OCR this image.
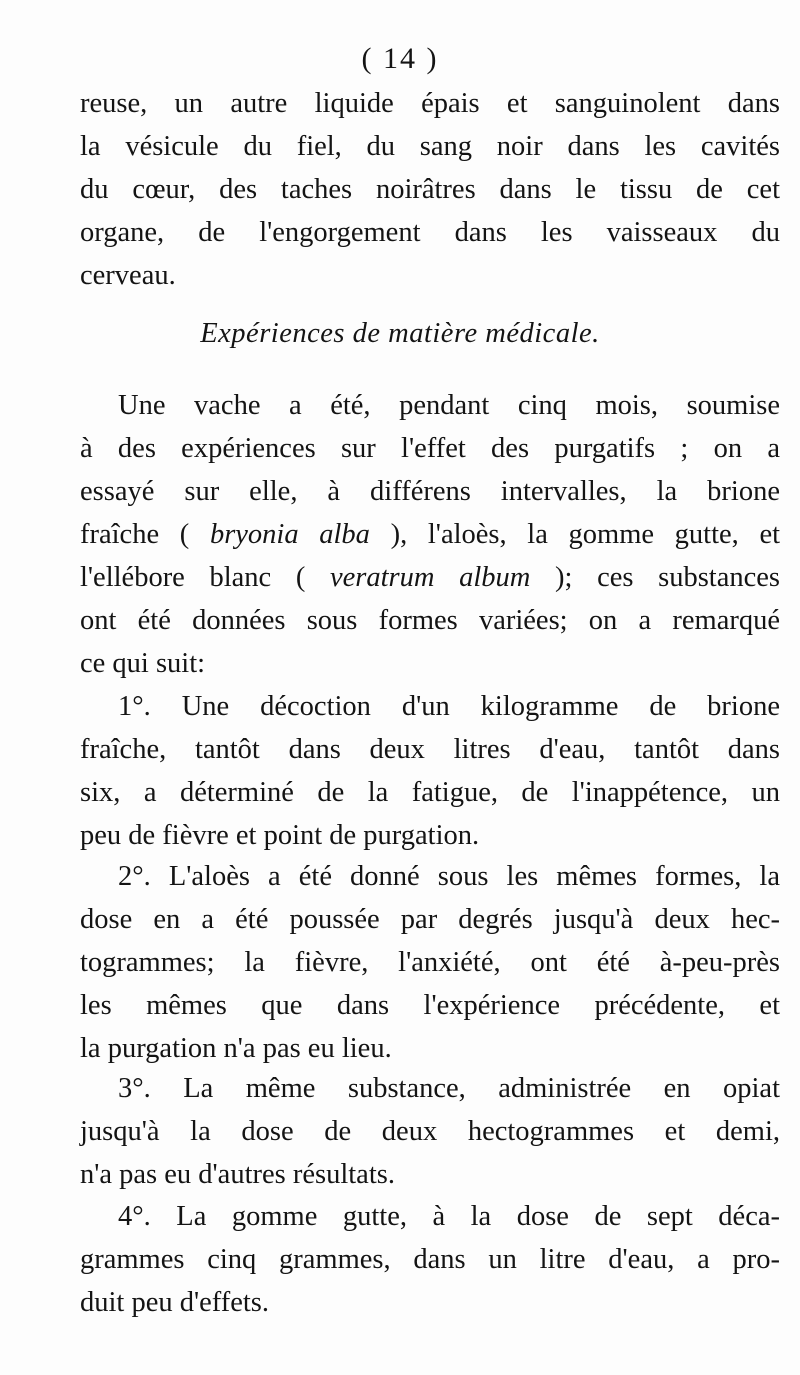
( 14 )
reuse, un autre liquide épais et sanguinolent dans
la vésicule du fiel, du sang noir dans les cavités
du cœur, des taches noirâtres dans le tissu de cet
organe, de l'engorgement dans les vaisseaux du
cerveau.
Expériences de matière médicale.
Une vache a été, pendant cinq mois, soumise
à des expériences sur l'effet des purgatifs ; on a
essayé sur elle, à différens intervalles, la brione
fraîche ( bryonia alba ), l'aloès, la gomme gutte, et
l'ellébore blanc ( veratrum album ); ces substances
ont été données sous formes variées; on a remarqué
ce qui suit:
1°. Une décoction d'un kilogramme de brione
fraîche, tantôt dans deux litres d'eau, tantôt dans
six, a déterminé de la fatigue, de l'inappétence, un
peu de fièvre et point de purgation.
2°. L'aloès a été donné sous les mêmes formes, la
dose en a été poussée par degrés jusqu'à deux hec-
togrammes; la fièvre, l'anxiété, ont été à-peu-près
les mêmes que dans l'expérience précédente, et
la purgation n'a pas eu lieu.
3°. La même substance, administrée en opiat
jusqu'à la dose de deux hectogrammes et demi,
n'a pas eu d'autres résultats.
4°. La gomme gutte, à la dose de sept déca-
grammes cinq grammes, dans un litre d'eau, a pro-
duit peu d'effets.
